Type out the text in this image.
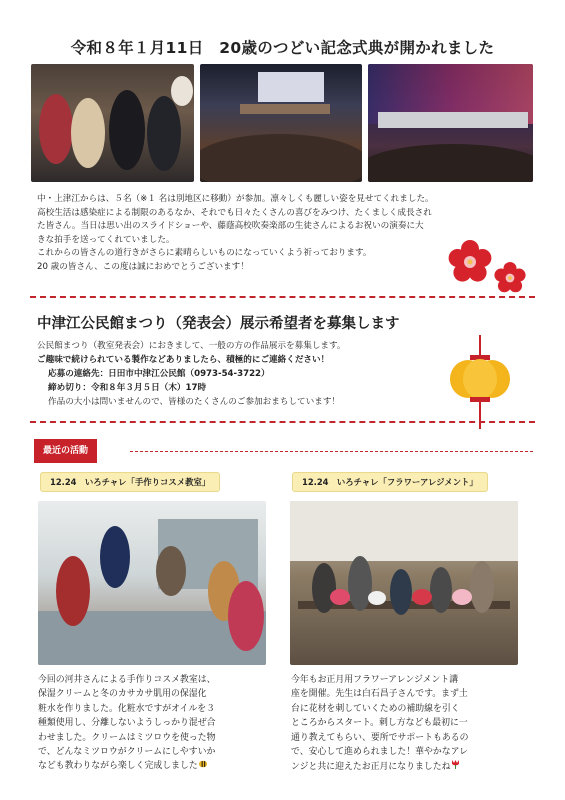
令和８年１月11日　20歳のつどい記念式典が開かれました

中・上津江からは、５名（※１ 名は別地区に移動）が参加。凛々しくも麗しい姿を見せてくれました。

高校生活は感染症による制限のあるなか、それでも日々たくさんの喜びをみつけ、たくましく成長され

た皆さん。当日は思い出のスライドショーや、藤蔭高校吹奏楽部の生徒さんによるお祝いの演奏に大

きな拍手を送ってくれていました。

これからの皆さんの道行きがさらに素晴らしいものになっていくよう祈っております。

20 歳の皆さん、この度は誠におめでとうございます！

中津江公民館まつり（発表会）展示希望者を募集します

公民館まつり（教室発表会）におきまして、一般の方の作品展示を募集します。

ご趣味で続けられている製作などありましたら、積極的にご連絡ください！

応募の連絡先：日田市中津江公民館（0973-54-3722）

締め切り：令和８年３月５日（木）17時

作品の大小は問いませんので、皆様のたくさんのご参加おまちしています！

最近の活動
12.24　いろチャレ「手作りコスメ教室」	12.24　いろチャレ「フラワーアレジメント」

今回の河井さんによる手作りコスメ教室は、

保湿クリームと冬のカサカサ肌用の保湿化

粧水を作りました。化粧水ですがオイルを３

種類使用し、分離しないようしっかり混ぜ合

わせました。クリームはミツロウを使った物

で、どんなミツロウがクリームにしやすいか

なども教わりながら楽しく完成しました

今年もお正月用フラワーアレンジメント講

座を開催。先生は白石昌子さんです。まず土

台に花材を刺していくための補助線を引く

ところからスタート。刺し方なども最初に一

通り教えてもらい、要所でサポートもあるの

で、安心して進められました！華やかなアレ

ンジと共に迎えたお正月になりましたね
